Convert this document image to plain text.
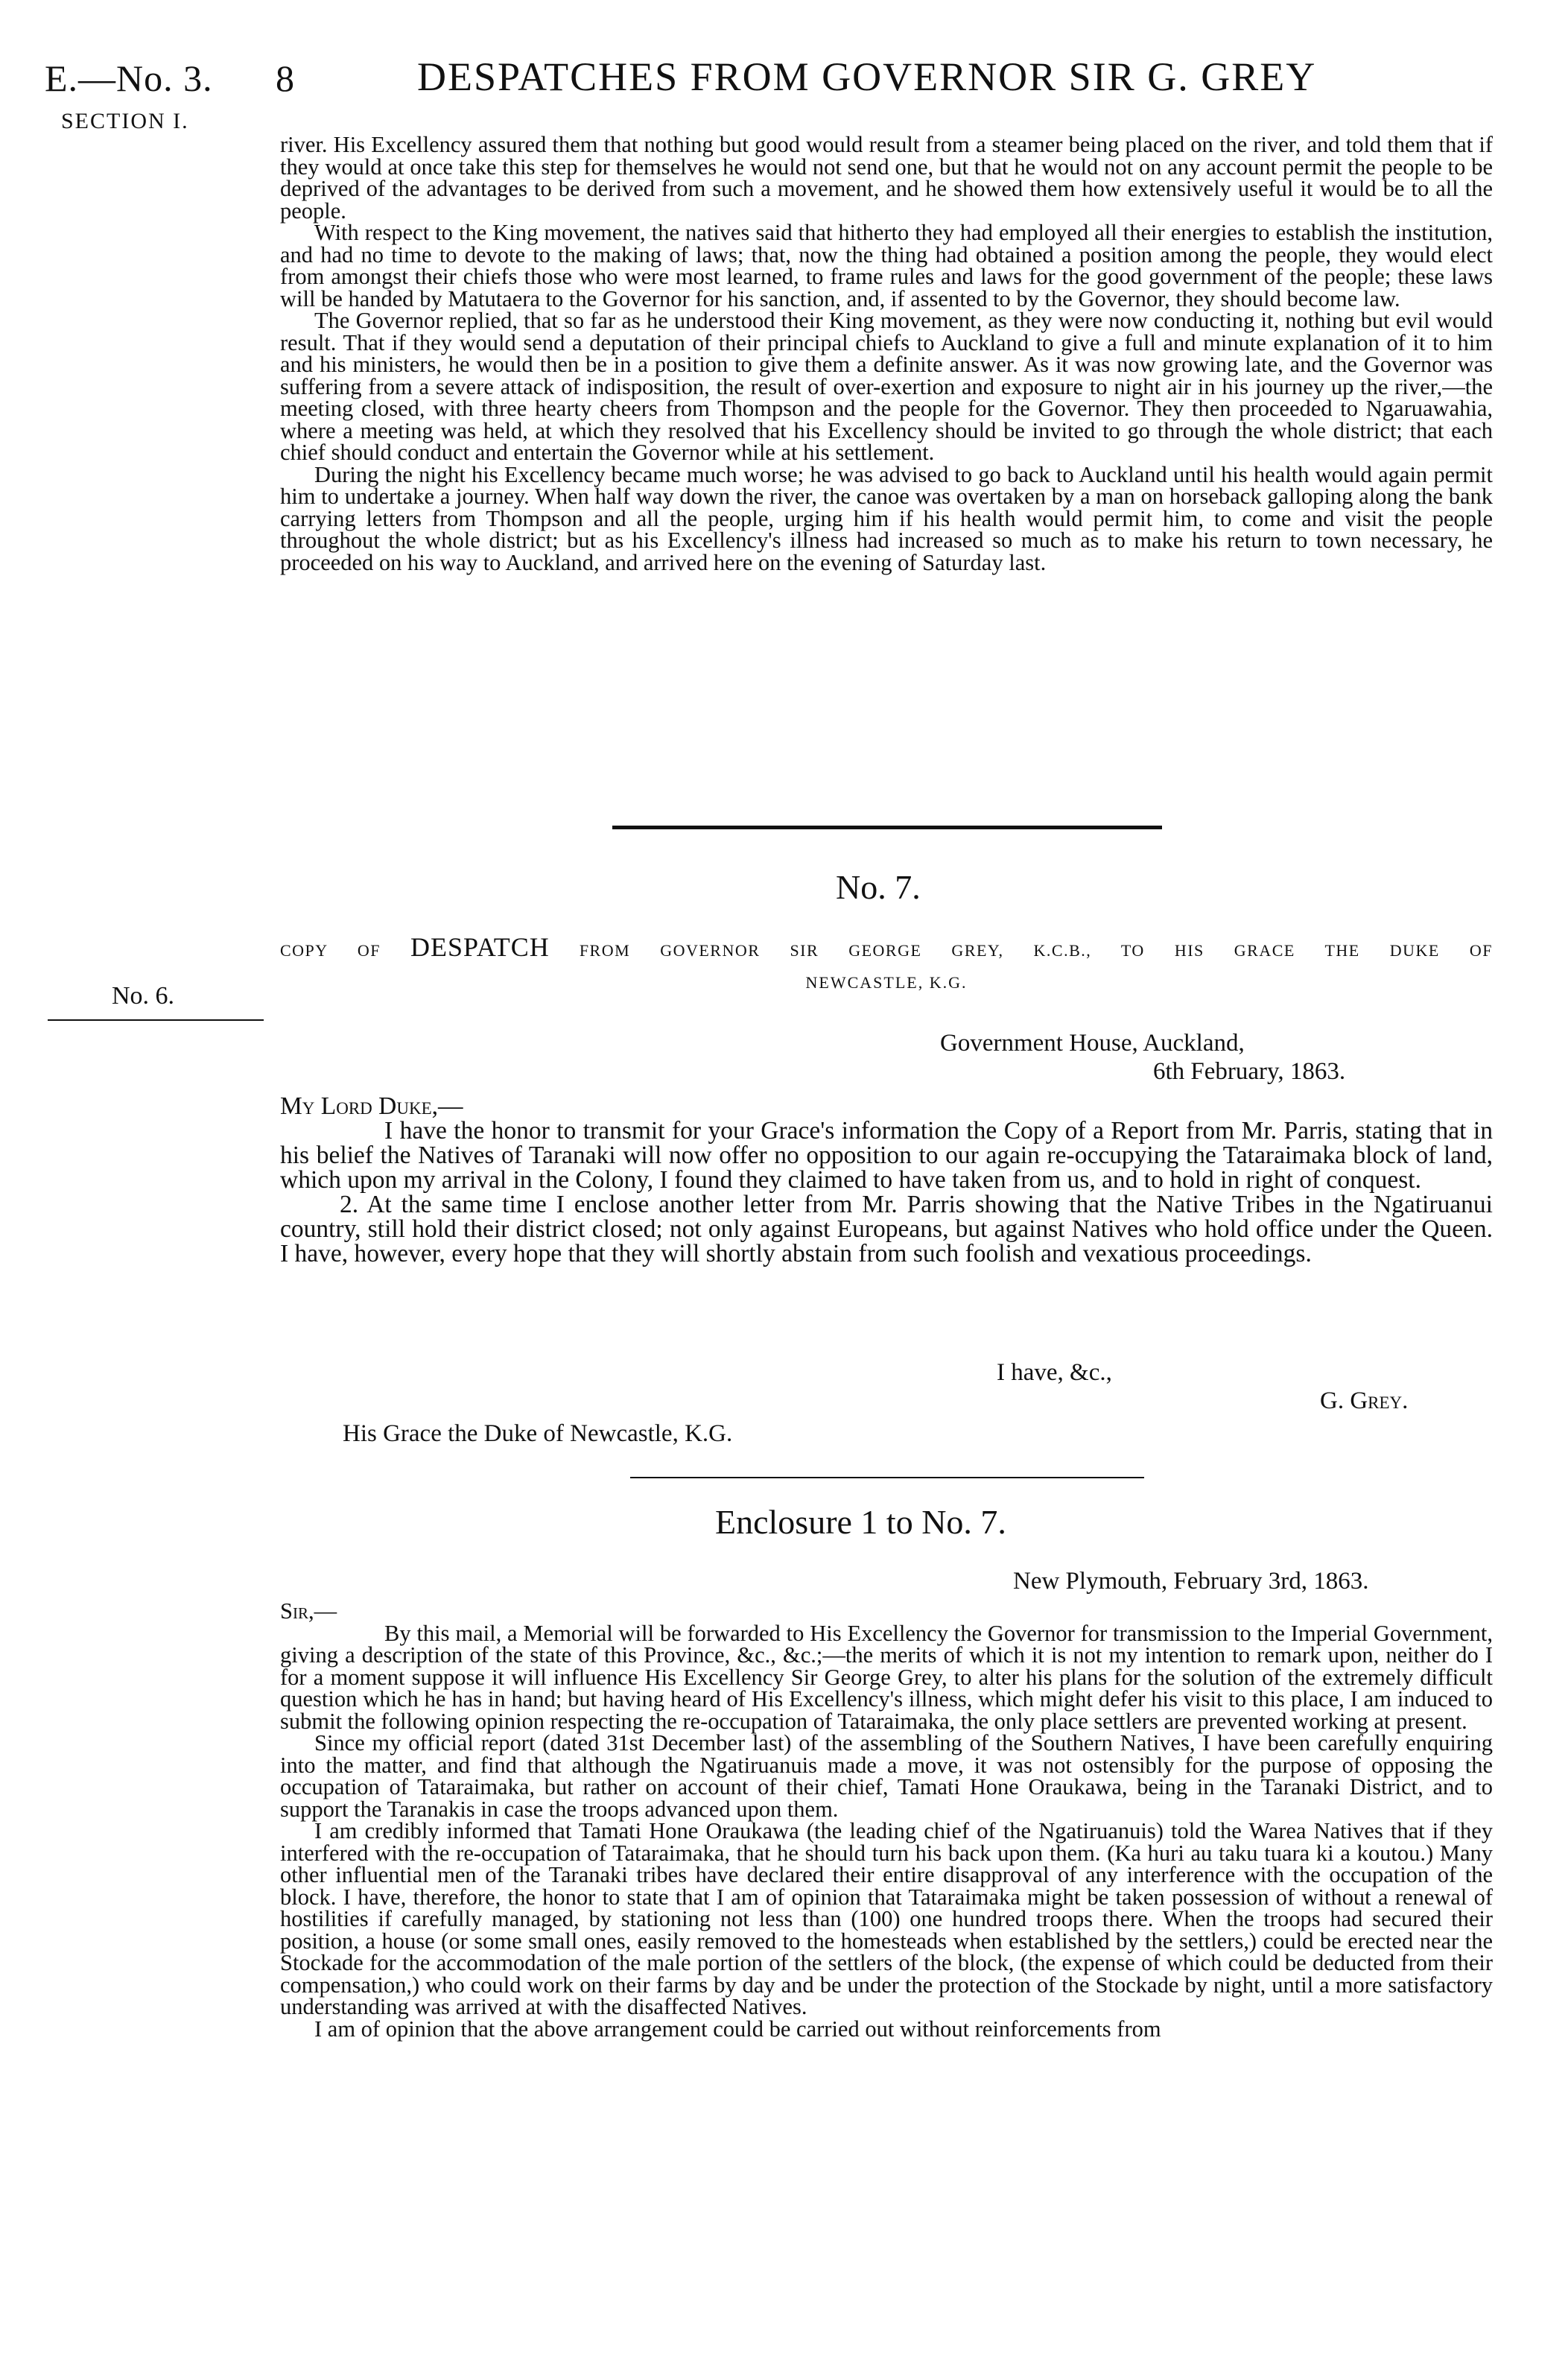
E.—No. 3.
SECTION I.
8	DESPATCHES FROM GOVERNOR SIR G. GREY

river. His Excellency assured them that nothing but good would result from a steamer being placed on the river, and told them that if they would at once take this step for themselves he would not send one, but that he would not on any account permit the people to be deprived of the advantages to be derived from such a movement, and he showed them how extensively useful it would be to all the people.

With respect to the King movement, the natives said that hitherto they had employed all their energies to establish the institution, and had no time to devote to the making of laws; that, now the thing had obtained a position among the people, they would elect from amongst their chiefs those who were most learned, to frame rules and laws for the good government of the people; these laws will be handed by Matutaera to the Governor for his sanction, and, if assented to by the Governor, they should become law.

The Governor replied, that so far as he understood their King movement, as they were now conducting it, nothing but evil would result. That if they would send a deputation of their principal chiefs to Auckland to give a full and minute explanation of it to him and his ministers, he would then be in a position to give them a definite answer. As it was now growing late, and the Governor was suffering from a severe attack of indisposition, the result of over-exertion and exposure to night air in his journey up the river,—the meeting closed, with three hearty cheers from Thompson and the people for the Governor. They then proceeded to Ngaruawahia, where a meeting was held, at which they resolved that his Excellency should be invited to go through the whole district; that each chief should conduct and entertain the Governor while at his settlement.

During the night his Excellency became much worse; he was advised to go back to Auckland until his health would again permit him to undertake a journey. When half way down the river, the canoe was overtaken by a man on horseback galloping along the bank carrying letters from Thompson and all the people, urging him if his health would permit him, to come and visit the people throughout the whole district; but as his Excellency's illness had increased so much as to make his return to town necessary, he proceeded on his way to Auckland, and arrived here on the evening of Saturday last.

No. 7.
COPY OF DESPATCH FROM GOVERNOR SIR GEORGE GREY, K.C.B., TO HIS GRACE THE DUKE OF
NEWCASTLE, K.G.
No. 6.
Government House, Auckland,
6th February, 1863.

My Lord Duke,—

I have the honor to transmit for your Grace's information the Copy of a Report from Mr. Parris, stating that in his belief the Natives of Taranaki will now offer no opposition to our again re-occupying the Tataraimaka block of land, which upon my arrival in the Colony, I found they claimed to have taken from us, and to hold in right of conquest.

2. At the same time I enclose another letter from Mr. Parris showing that the Native Tribes in the Ngatiruanui country, still hold their district closed; not only against Europeans, but against Natives who hold office under the Queen. I have, however, every hope that they will shortly abstain from such foolish and vexatious proceedings.

I have, &c.,
G. Grey.
His Grace the Duke of Newcastle, K.G.
Enclosure 1 to No. 7.
New Plymouth, February 3rd, 1863.

Sir,—

By this mail, a Memorial will be forwarded to His Excellency the Governor for transmission to the Imperial Government, giving a description of the state of this Province, &c., &c.;—the merits of which it is not my intention to remark upon, neither do I for a moment suppose it will influence His Excellency Sir George Grey, to alter his plans for the solution of the extremely difficult question which he has in hand; but having heard of His Excellency's illness, which might defer his visit to this place, I am induced to submit the following opinion respecting the re-occupation of Tataraimaka, the only place settlers are prevented working at present.

Since my official report (dated 31st December last) of the assembling of the Southern Natives, I have been carefully enquiring into the matter, and find that although the Ngatiruanuis made a move, it was not ostensibly for the purpose of opposing the occupation of Tataraimaka, but rather on account of their chief, Tamati Hone Oraukawa, being in the Taranaki District, and to support the Taranakis in case the troops advanced upon them.

I am credibly informed that Tamati Hone Oraukawa (the leading chief of the Ngatiruanuis) told the Warea Natives that if they interfered with the re-occupation of Tataraimaka, that he should turn his back upon them. (Ka huri au taku tuara ki a koutou.) Many other influential men of the Taranaki tribes have declared their entire disapproval of any interference with the occupation of the block. I have, therefore, the honor to state that I am of opinion that Tataraimaka might be taken possession of without a renewal of hostilities if carefully managed, by stationing not less than (100) one hundred troops there. When the troops had secured their position, a house (or some small ones, easily removed to the homesteads when established by the settlers,) could be erected near the Stockade for the accommodation of the male portion of the settlers of the block, (the expense of which could be deducted from their compensation,) who could work on their farms by day and be under the protection of the Stockade by night, until a more satisfactory understanding was arrived at with the disaffected Natives.

I am of opinion that the above arrangement could be carried out without reinforcements from
